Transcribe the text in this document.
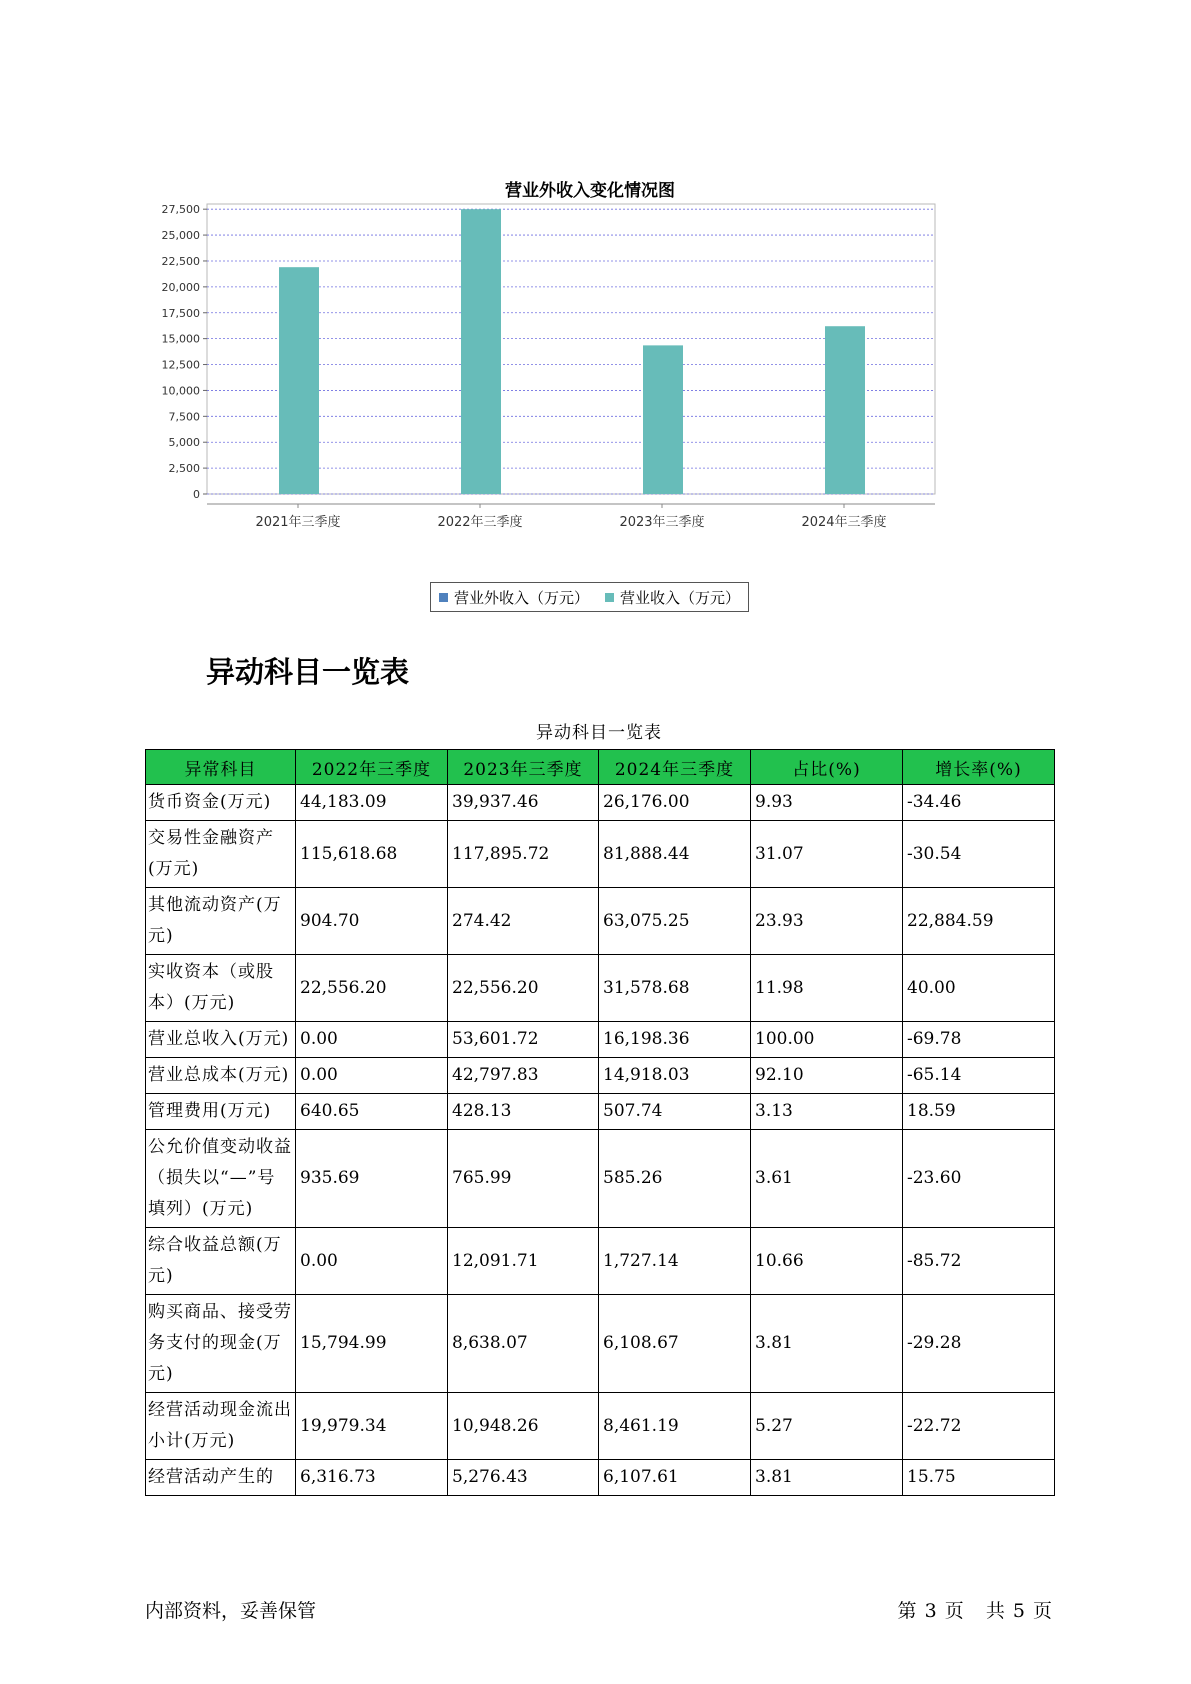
营业外收入变化情况图
0
2,500
5,000
7,500
10,000
12,500
15,000
17,500
20,000
22,500
25,000
27,500
2021年三季度	2022年三季度	2023年三季度	2024年三季度
营业外收入（万元） 营业收入（万元）
异动科目一览表
异动科目一览表
异常科目	2022年三季度	2023年三季度	2024年三季度	占比(%)	增长率(%)
货币资金(万元)	44,183.09	39,937.46	26,176.00	9.93	-34.46
交易性金融资产(万元)	115,618.68	117,895.72	81,888.44	31.07	-30.54
其他流动资产(万元)	904.70	274.42	63,075.25	23.93	22,884.59
实收资本（或股本）(万元)	22,556.20	22,556.20	31,578.68	11.98	40.00
营业总收入(万元)	0.00	53,601.72	16,198.36	100.00	-69.78
营业总成本(万元)	0.00	42,797.83	14,918.03	92.10	-65.14
管理费用(万元)	640.65	428.13	507.74	3.13	18.59
公允价值变动收益（损失以“—”号填列）(万元)	935.69	765.99	585.26	3.61	-23.60
综合收益总额(万元)	0.00	12,091.71	1,727.14	10.66	-85.72
购买商品、接受劳务支付的现金(万元)	15,794.99	8,638.07	6,108.67	3.81	-29.28
经营活动现金流出小计(万元)	19,979.34	10,948.26	8,461.19	5.27	-22.72
经营活动产生的	6,316.73	5,276.43	6,107.61	3.81	15.75
内部资料，妥善保管	第 3 页   共 5 页
